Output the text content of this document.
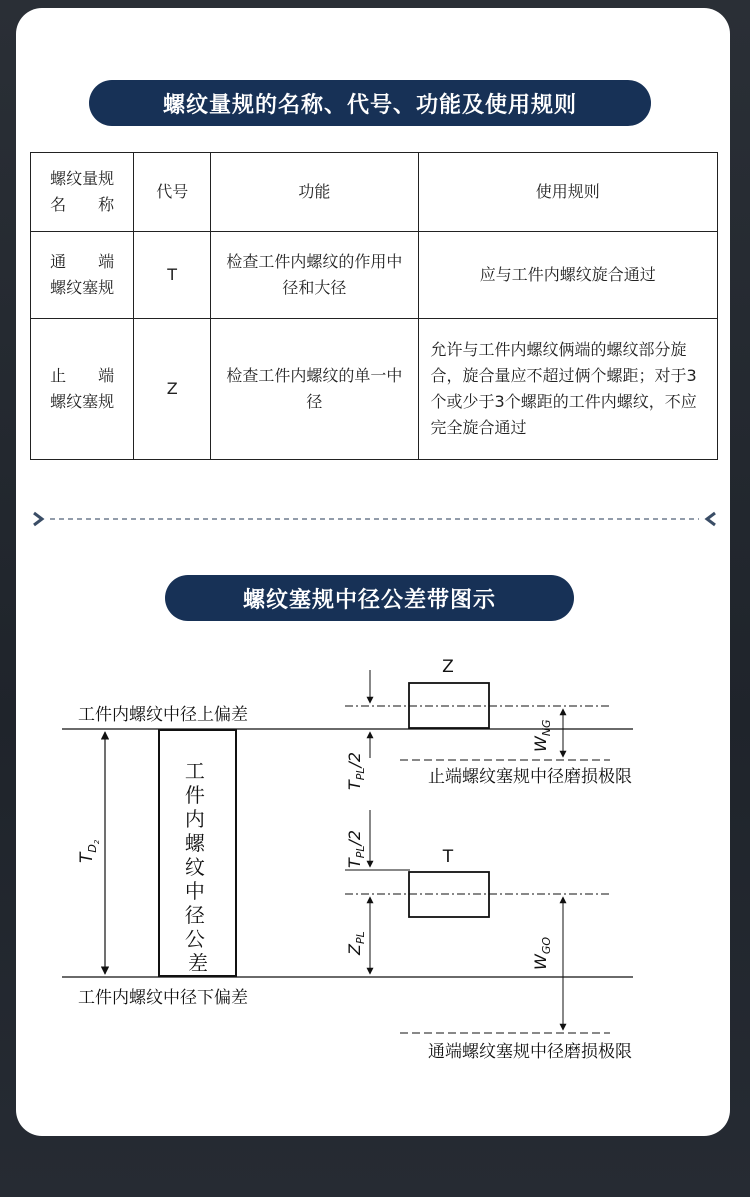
螺纹量规的名称、代号、功能及使用规则
螺纹量规
名　　称	代号	功能	使用规则
通　　端
螺纹塞规	T	检查工件内螺纹的作用中径和大径	应与工件内螺纹旋合通过
止　　端
螺纹塞规	Z	检查工件内螺纹的单一中径	允许与工件内螺纹俩端的螺纹部分旋合，旋合量应不超过俩个螺距；对于3个或少于3个螺距的工件内螺纹，不应完全旋合通过
螺纹塞规中径公差带图示
工件内螺纹中径上偏差
工件内螺纹中径下偏差
$T_D2$
工 件 内 螺 纹 中 径 公 差
Z
$T_{PL}/2$
$W_{NG}$
止端螺纹塞规中径磨损极限
$T_{PL}/2$
T
$Z_{PL}$
$W_{GO}$
通端螺纹塞规中径磨损极限
